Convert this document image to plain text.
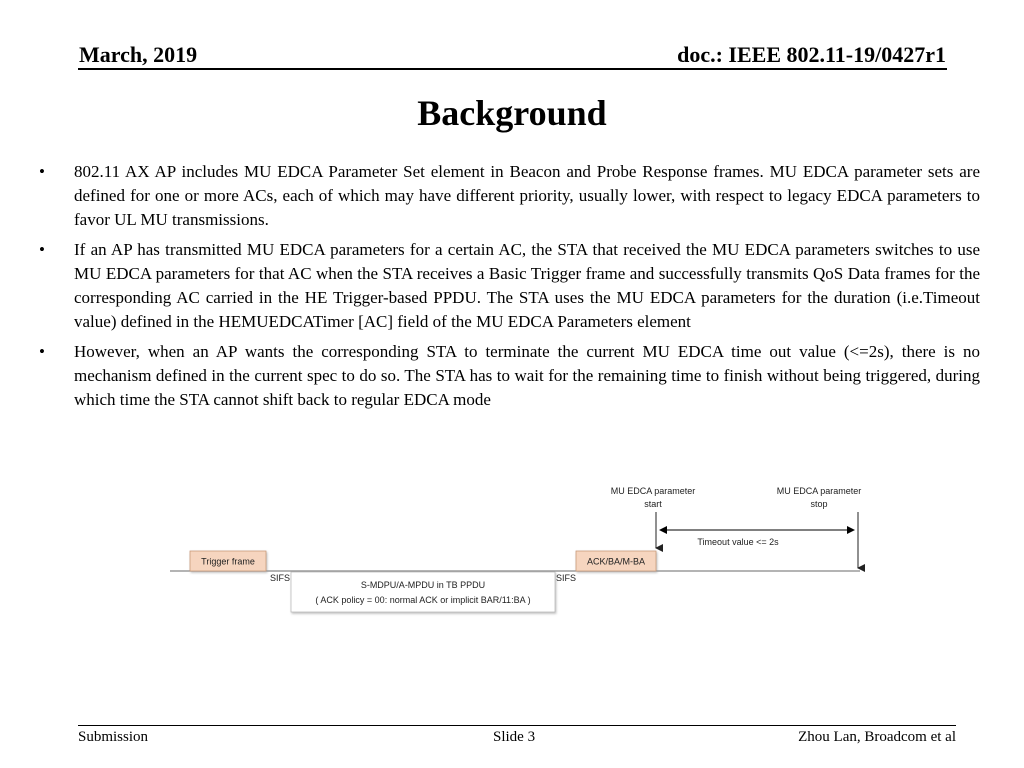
March, 2019	doc.: IEEE 802.11-19/0427r1
Background
• 802.11 AX AP includes MU EDCA Parameter Set element in Beacon and Probe Response frames. MU EDCA parameter sets are defined for one or more ACs, each of which may have different priority, usually lower, with respect to legacy EDCA parameters to favor UL MU transmissions.
• If an AP has transmitted MU EDCA parameters for a certain AC, the STA that received the MU EDCA parameters switches to use MU EDCA parameters for that AC when the STA receives a Basic Trigger frame and successfully transmits QoS Data frames for the corresponding AC carried in the HE Trigger-based PPDU. The STA uses the MU EDCA parameters for the duration (i.e.Timeout value) defined in the HEMUEDCATimer [AC] field of the MU EDCA Parameters element
• However, when an AP wants the corresponding STA to terminate the current MU EDCA time out value (<=2s), there is no mechanism defined in the current spec to do so. The STA has to wait for the remaining time to finish without being triggered, during which time the STA cannot shift back to regular EDCA mode
Trigger frame
SIFS
S-MDPU/A-MPDU in TB PPDU
( ACK policy = 00: normal ACK or implicit BAR/11:BA )
SIFS
ACK/BA/M-BA
MU EDCA parameter
start
MU EDCA parameter
stop
Timeout value <= 2s
Submission	Slide 3	Zhou Lan, Broadcom et al
